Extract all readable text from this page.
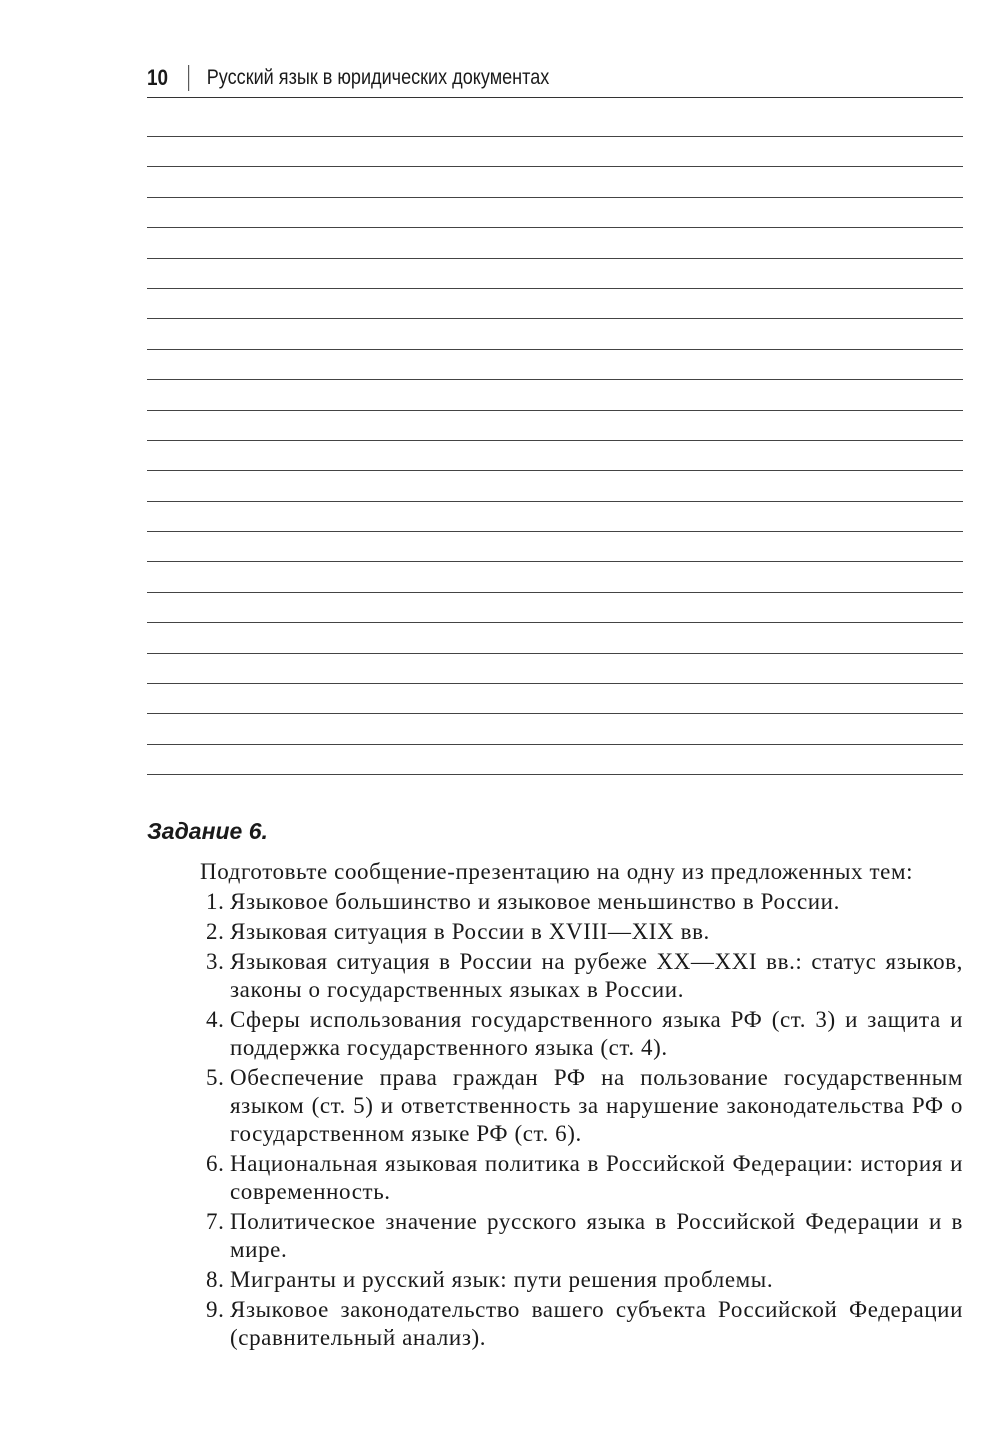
10 Русский язык в юридических документах
Задание 6.

Подготовьте сообщение-презентацию на одну из предложенных тем:

1. Языковое большинство и языковое меньшинство в России.
2. Языковая ситуация в России в XVIII—XIX вв.
3. Языковая ситуация в России на рубеже XX—XXI вв.: статус языков, законы о государственных языках в России.
4. Сферы использования государственного языка РФ (ст. 3) и защита и поддержка государственного языка (ст. 4).
5. Обеспечение права граждан РФ на пользование государственным языком (ст. 5) и ответственность за нарушение законодательства РФ о государственном языке РФ (ст. 6).
6. Национальная языковая политика в Российской Федерации: история и современность.
7. Политическое значение русского языка в Российской Федерации и в мире.
8. Мигранты и русский язык: пути решения проблемы.
9. Языковое законодательство вашего субъекта Российской Федерации (сравнительный анализ).
